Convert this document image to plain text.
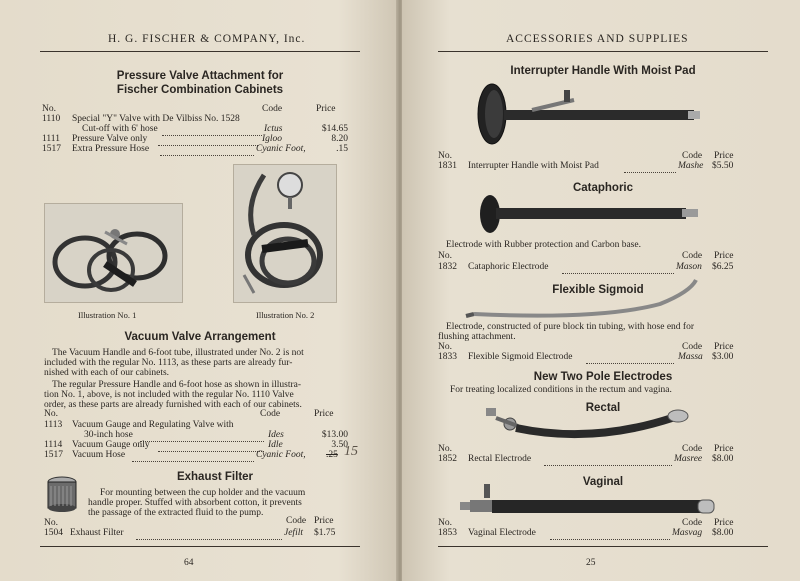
H. G. FISCHER & COMPANY, Inc.
Pressure Valve Attachment for
Fischer Combination Cabinets
No.	Code	Price
1110 Special "Y" Valve with De Vilbiss No. 1528
Cut-off with 6' hose	Ictus	$14.65
1111 Pressure Valve only	Igloo	8.20
1517 Extra Pressure Hose	Cyanic Foot,	.15
Illustration No. 1	Illustration No. 2
Vacuum Valve Arrangement
The Vacuum Handle and 6-foot tube, illustrated under No. 2 is not
included with the regular No. 1113, as these parts are already fur-
nished with each of our cabinets.
The regular Pressure Handle and 6-foot hose as shown in illustra-
tion No. 1, above, is not included with the regular No. 1110 Valve
order, as these parts are already furnished with each of our cabinets.
No.	Code	Price
1113 Vacuum Gauge and Regulating Valve with
30-inch hose	Ides	$13.00
1114 Vacuum Gauge only	Idle	3.50
1517 Vacuum Hose	Cyanic Foot, .25 15
Exhaust Filter
For mounting between the cup holder and the vacuum
handle proper. Stuffed with absorbent cotton, it prevents
the passage of the extracted fluid to the pump.
No.	Code Price
1504 Exhaust Filter	Jefilt $1.75
64
ACCESSORIES AND SUPPLIES
Interrupter Handle With Moist Pad
No.	Code Price
1831 Interrupter Handle with Moist Pad	Mashe $5.50
Cataphoric
Electrode with Rubber protection and Carbon base.
No.	Code Price
1832 Cataphoric Electrode	Mason $6.25
Flexible Sigmoid
Electrode, constructed of pure block tin tubing, with hose end for
flushing attachment.
No.	Code Price
1833 Flexible Sigmoid Electrode	Massa $3.00
New Two Pole Electrodes
For treating localized conditions in the rectum and vagina.
Rectal
No.	Code Price
1852 Rectal Electrode	Masree $8.00
Vaginal
No.	Code Price
1853 Vaginal Electrode	Masvag $8.00
25
